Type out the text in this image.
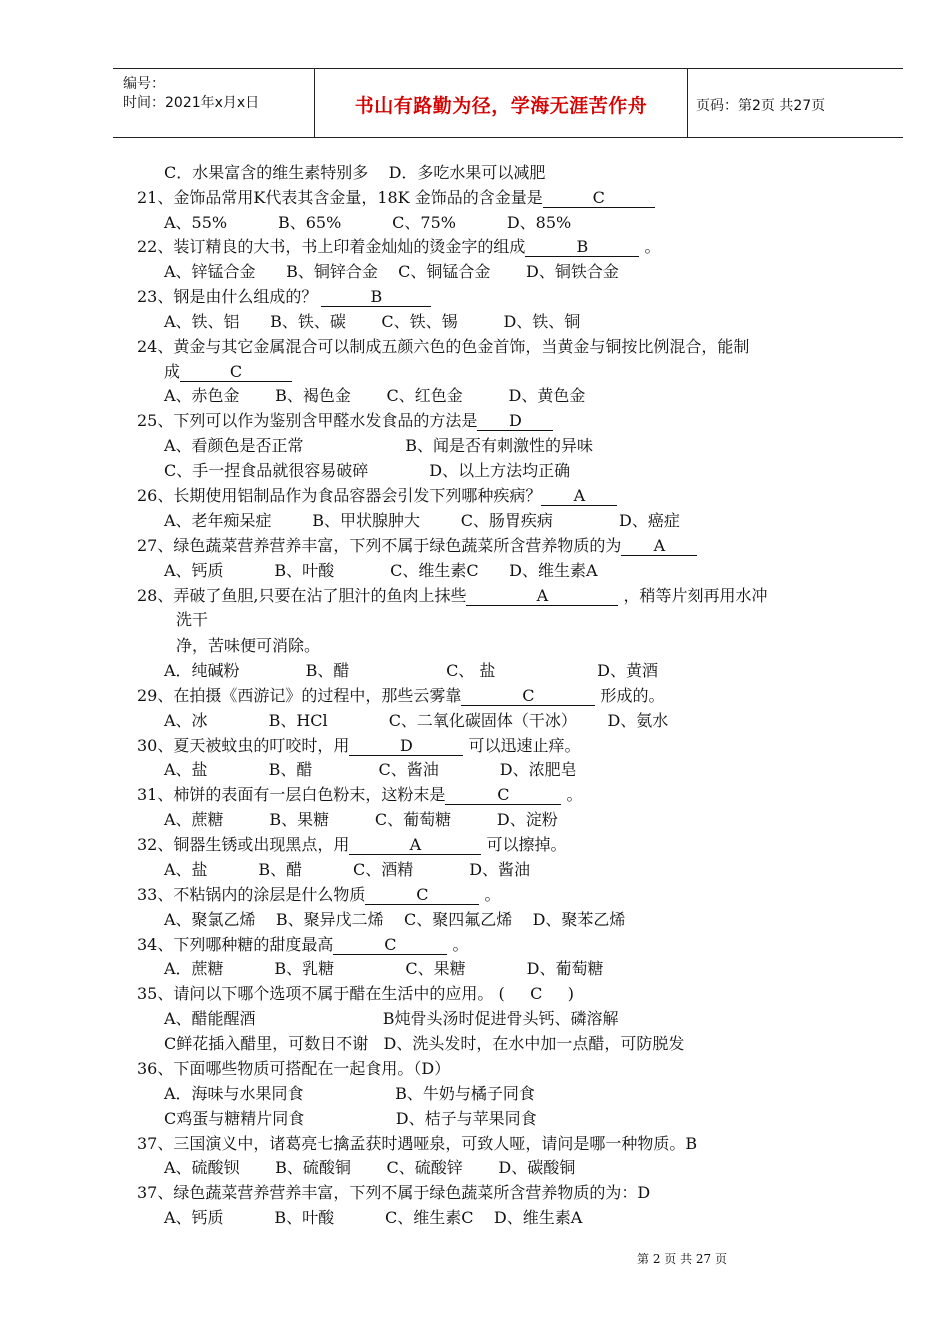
编号：
时间：2021年x月x日	书山有路勤为径，学海无涯苦作舟	页码：第2页 共27页
C．水果富含的维生素特别多    D．多吃水果可以减肥
21、金饰品常用K代表其含金量，18K 金饰品的含金量是	C
A、55%          B、65%          C、75%          D、85%
22、装订精良的大书，书上印着金灿灿的烫金字的组成	B	。
A、锌锰合金      B、铜锌合金    C、铜锰合金       D、铜铁合金
23、钢是由什么组成的？	B
A、铁、铝      B、铁、碳       C、铁、锡         D、铁、铜
24、黄金与其它金属混合可以制成五颜六色的色金首饰，当黄金与铜按比例混合，能制
成	C
A、赤色金       B、褐色金       C、红色金         D、黄色金
25、下列可以作为鉴别含甲醛水发食品的方法是 D
A、看颜色是否正常                    B、闻是否有刺激性的异味
C、手一捏食品就很容易破碎            D、以上方法均正确
26、长期使用铝制品作为食品容器会引发下列哪种疾病？ A
A、老年痴呆症        B、甲状腺肿大        C、肠胃疾病             D、癌症
27、绿色蔬菜营养营养丰富，下列不属于绿色蔬菜所含营养物质的为 A
A、钙质          B、叶酸           C、维生素C      D、维生素A
28、弄破了鱼胆,只要在沾了胆汁的鱼肉上抹些	A	，稍等片刻再用水冲
洗干
净，苦味便可消除。
A．纯碱粉             B、醋                   C、 盐                    D、黄酒
29、在拍摄《西游记》的过程中，那些云雾靠	C	形成的。
A、冰            B、HCl            C、二氧化碳固体（干冰）      D、氨水
30、夏天被蚊虫的叮咬时，用	D	可以迅速止痒。
A、盐            B、醋             C、酱油            D、浓肥皂
31、柿饼的表面有一层白色粉末，这粉末是	C	。
A、蔗糖         B、果糖         C、葡萄糖         D、淀粉
32、铜器生锈或出现黑点，用	A	可以擦掉。
A、盐          B、醋          C、酒精           D、酱油
33、不粘锅内的涂层是什么物质	C	。
A、聚氯乙烯    B、聚异戊二烯    C、聚四氟乙烯    D、聚苯乙烯
34、下列哪种糖的甜度最高	C	。
A．蔗糖          B、乳糖              C、果糖            D、葡萄糖
35、请问以下哪个选项不属于醋在生活中的应用。 (     C     )
A、醋能醒酒                         B炖骨头汤时促进骨头钙、磷溶解
C鲜花插入醋里，可数日不谢   D、洗头发时，在水中加一点醋，可防脱发
36、下面哪些物质可搭配在一起食用。（D）
A．海味与水果同食                  B、牛奶与橘子同食
C鸡蛋与糖精片同食                  D、桔子与苹果同食
37、三国演义中，诸葛亮七擒孟获时遇哑泉，可致人哑，请问是哪一种物质。B
A、硫酸钡       B、硫酸铜       C、硫酸锌       D、碳酸铜
37、绿色蔬菜营养营养丰富，下列不属于绿色蔬菜所含营养物质的为：D
A、钙质          B、叶酸          C、维生素C    D、维生素A
第 2 页 共 27 页
